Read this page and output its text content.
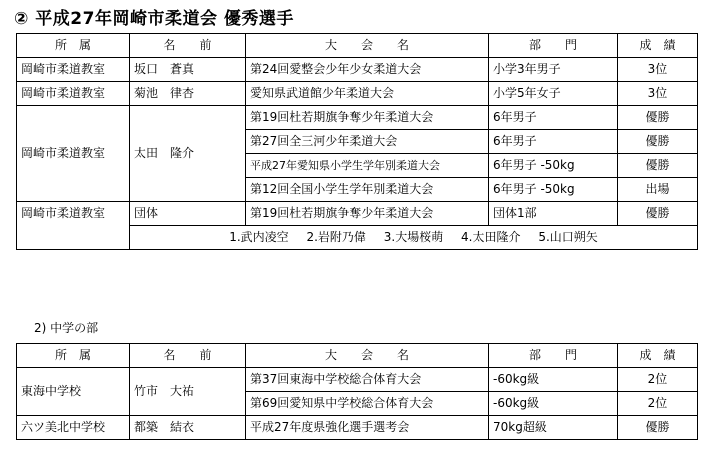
② 平成27年岡崎市柔道会 優秀選手
所　属	名　　前	大　　会　　名	部　　門	成　績
岡崎市柔道教室	坂口　蒼真	第24回愛整会少年少女柔道大会	小学3年男子	3位
岡崎市柔道教室	菊池　律杏	愛知県武道館少年柔道大会	小学5年女子	3位
岡崎市柔道教室	太田　隆介	第19回杜若期旗争奪少年柔道大会	6年男子	優勝
		第27回全三河少年柔道大会	6年男子	優勝
		平成27年愛知県小学生学年別柔道大会	6年男子 -50kg	優勝
		第12回全国小学生学年別柔道大会	6年男子 -50kg	出場
岡崎市柔道教室	団体	第19回杜若期旗争奪少年柔道大会	団体1部	優勝
	1.武内凌空 2.岩附乃偉 3.大場桜萌 4.太田隆介 5.山口朔矢			
2) 中学の部
所　属	名　　前	大　　会　　名	部　　門	成　績
東海中学校	竹市　大祐	第37回東海中学校総合体育大会	-60kg級	2位
		第69回愛知県中学校総合体育大会	-60kg級	2位
六ツ美北中学校	都築　結衣	平成27年度県強化選手選考会	70kg超級	優勝
